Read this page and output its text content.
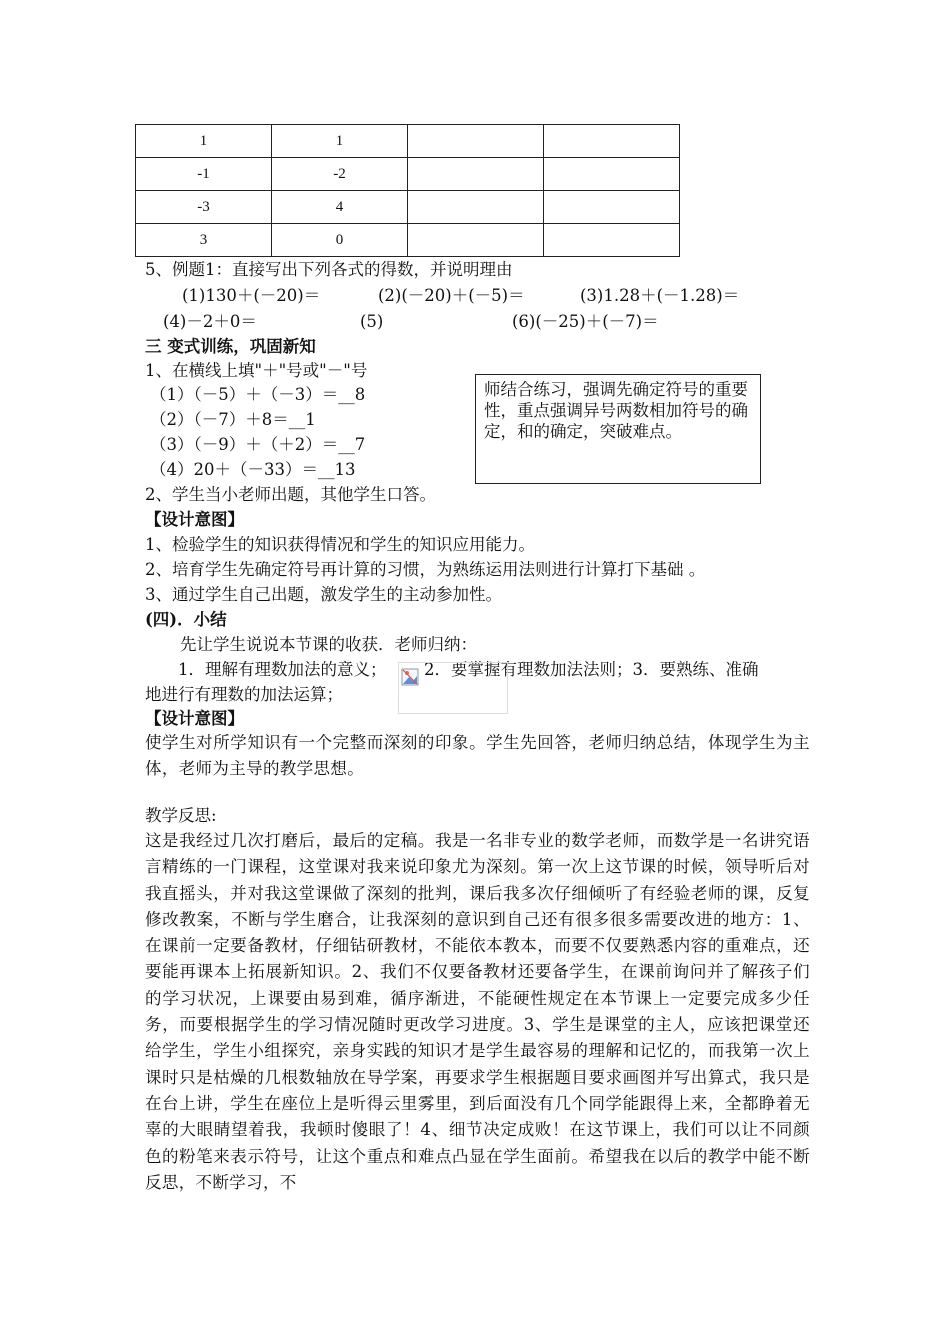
1	1		
-1	-2		
-3	4		
3	0		
5、例题1：直接写出下列各式的得数，并说明理由
(1)130＋(－20)＝	(2)(－20)＋(－5)＝	(3)1.28＋(－1.28)＝
(4)－2＋0＝	(5)	(6)(－25)＋(－7)＝
三 变式训练，巩固新知
1、在横线上填"＋"号或"－"号
（1）（－5）＋（－3）＝__8
（2）（－7）＋8＝__1
（3）（－9）＋（＋2）＝__7
（4）20＋（－33）＝__13
2、学生当小老师出题，其他学生口答。
师结合练习，强调先确定符号的重要性，重点强调异号两数相加符号的确定，和的确定，突破难点。
【设计意图】
1、检验学生的知识获得情况和学生的知识应用能力。
2、培育学生先确定符号再计算的习惯，为熟练运用法则进行计算打下基础 。
3、通过学生自己出题，激发学生的主动参加性。
(四)．小结
先让学生说说本节课的收获．老师归纳：
1．理解有理数加法的意义； 2．要掌握有理数加法法则；3．要熟练、准确
地进行有理数的加法运算；
【设计意图】
使学生对所学知识有一个完整而深刻的印象。学生先回答，老师归纳总结，体现学生为主体，老师为主导的教学思想。
教学反思:
这是我经过几次打磨后，最后的定稿。我是一名非专业的数学老师，而数学是一名讲究语言精练的一门课程，这堂课对我来说印象尤为深刻。第一次上这节课的时候，领导听后对我直摇头，并对我这堂课做了深刻的批判，课后我多次仔细倾听了有经验老师的课，反复修改教案，不断与学生磨合，让我深刻的意识到自己还有很多很多需要改进的地方：1、在课前一定要备教材，仔细钻研教材，不能依本教本，而要不仅要熟悉内容的重难点，还要能再课本上拓展新知识。2、我们不仅要备教材还要备学生，在课前询问并了解孩子们的学习状况，上课要由易到难，循序渐进，不能硬性规定在本节课上一定要完成多少任务，而要根据学生的学习情况随时更改学习进度。3、学生是课堂的主人，应该把课堂还给学生，学生小组探究，亲身实践的知识才是学生最容易的理解和记忆的，而我第一次上课时只是枯燥的几根数轴放在导学案，再要求学生根据题目要求画图并写出算式，我只是在台上讲，学生在座位上是听得云里雾里，到后面没有几个同学能跟得上来，全都睁着无辜的大眼睛望着我，我顿时傻眼了！4、细节决定成败！在这节课上，我们可以让不同颜色的粉笔来表示符号，让这个重点和难点凸显在学生面前。希望我在以后的教学中能不断反思，不断学习，不
